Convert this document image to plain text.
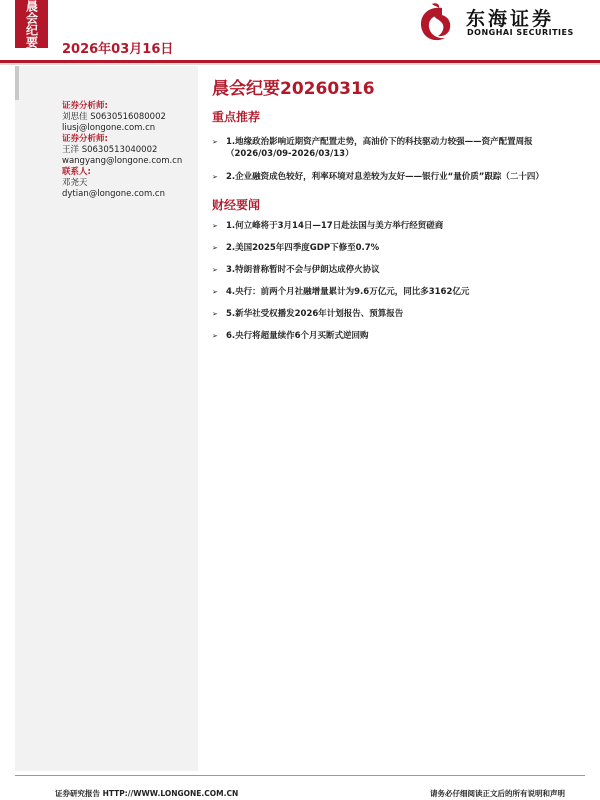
晨会纪要
2026年03月16日
东海证券
DONGHAI SECURITIES
证券分析师:
刘思佳 S0630516080002
liusj@longone.com.cn
证券分析师:
王洋 S0630513040002
wangyang@longone.com.cn
联系人:
邓尧天
dytian@longone.com.cn
晨会纪要20260316
重点推荐
➢ 1.地缘政治影响近期资产配置走势，高油价下的科技驱动力较强——资产配置周报
（2026/03/09-2026/03/13）
➢ 2.企业融资成色较好，利率环境对息差较为友好——银行业“量价质”跟踪（二十四）
财经要闻
➢ 1.何立峰将于3月14日—17日赴法国与美方举行经贸磋商
➢ 2.美国2025年四季度GDP下修至0.7%
➢ 3.特朗普称暂时不会与伊朗达成停火协议
➢ 4.央行：前两个月社融增量累计为9.6万亿元，同比多3162亿元
➢ 5.新华社受权播发2026年计划报告、预算报告
➢ 6.央行将超量续作6个月买断式逆回购
证券研究报告 HTTP://WWW.LONGONE.COM.CN	请务必仔细阅读正文后的所有说明和声明
